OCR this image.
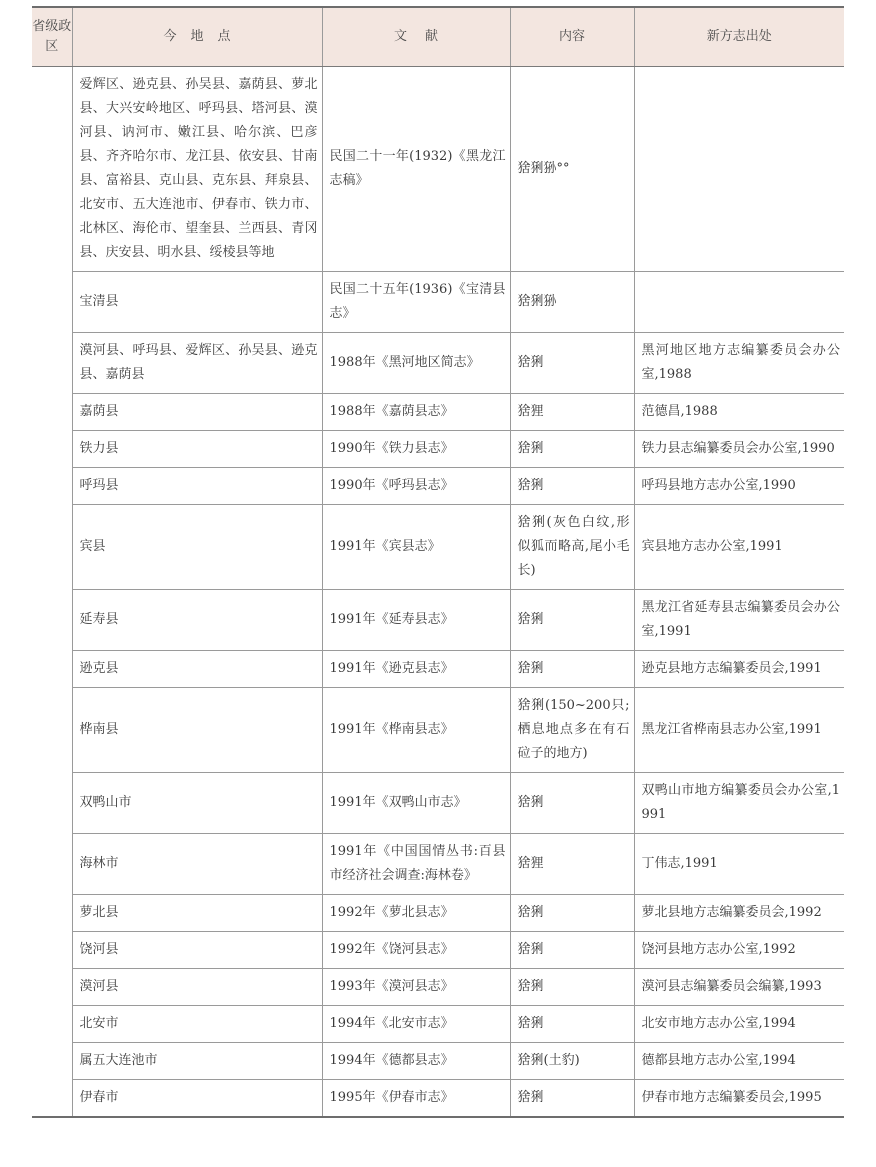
省级政区	今地点	文献	内容	新方志出处
	爱辉区、逊克县、孙吴县、嘉荫县、萝北县、大兴安岭地区、呼玛县、塔河县、漠河县、讷河市、嫩江县、哈尔滨、巴彦县、齐齐哈尔市、龙江县、依安县、甘南县、富裕县、克山县、克东县、拜泉县、北安市、五大连池市、伊春市、铁力市、北林区、海伦市、望奎县、兰西县、青冈县、庆安县、明水县、绥棱县等地	民国二十一年(1932)《黑龙江志稿》	猞猁狲°°	
	宝清县	民国二十五年(1936)《宝清县志》	猞猁狲	
	漠河县、呼玛县、爱辉区、孙吴县、逊克县、嘉荫县	1988年《黑河地区简志》	猞猁	黑河地区地方志编纂委员会办公室,1988
	嘉荫县	1988年《嘉荫县志》	猞狸	范德昌,1988
	铁力县	1990年《铁力县志》	猞猁	铁力县志编纂委员会办公室,1990
	呼玛县	1990年《呼玛县志》	猞猁	呼玛县地方志办公室,1990
	宾县	1991年《宾县志》	猞猁(灰色白纹,形似狐而略高,尾小毛长)	宾县地方志办公室,1991
	延寿县	1991年《延寿县志》	猞猁	黑龙江省延寿县志编纂委员会办公室,1991
	逊克县	1991年《逊克县志》	猞猁	逊克县地方志编纂委员会,1991
	桦南县	1991年《桦南县志》	猞猁(150~200只;栖息地点多在有石砬子的地方)	黑龙江省桦南县志办公室,1991
	双鸭山市	1991年《双鸭山市志》	猞猁	双鸭山市地方编纂委员会办公室,1991
	海林市	1991年《中国国情丛书:百县市经济社会调查:海林卷》	猞狸	丁伟志,1991
	萝北县	1992年《萝北县志》	猞猁	萝北县地方志编纂委员会,1992
	饶河县	1992年《饶河县志》	猞猁	饶河县地方志办公室,1992
	漠河县	1993年《漠河县志》	猞猁	漠河县志编纂委员会编纂,1993
	北安市	1994年《北安市志》	猞猁	北安市地方志办公室,1994
	属五大连池市	1994年《德都县志》	猞猁(土豹)	德都县地方志办公室,1994
	伊春市	1995年《伊春市志》	猞猁	伊春市地方志编纂委员会,1995
